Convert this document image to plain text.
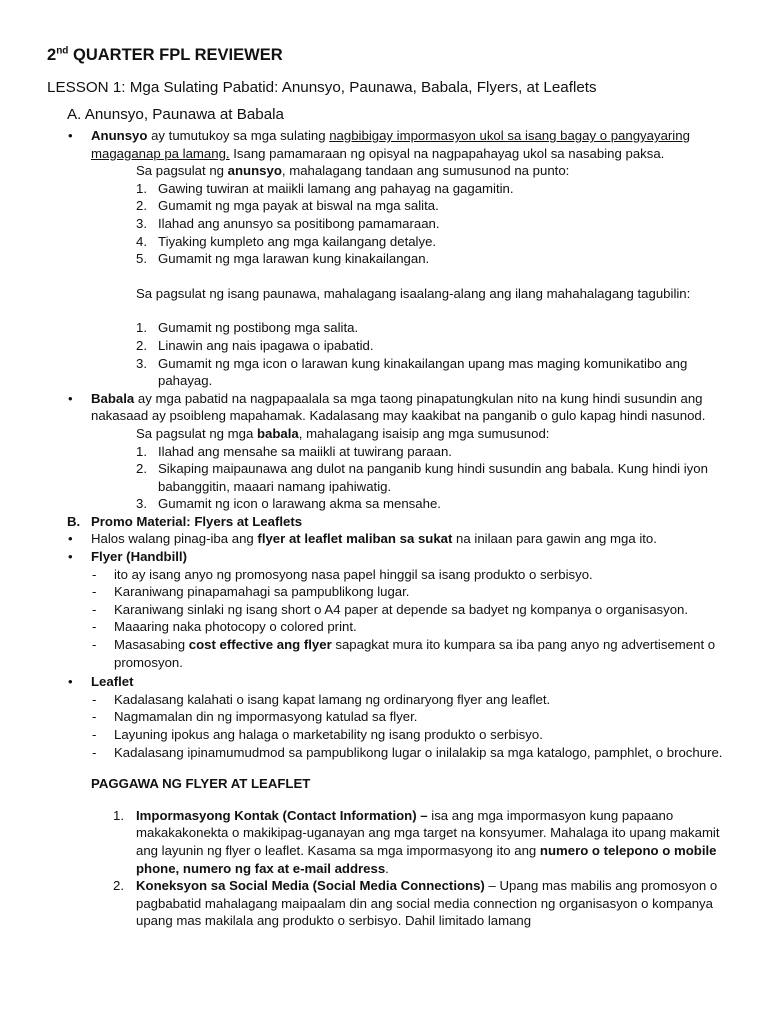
2nd QUARTER FPL REVIEWER
LESSON 1: Mga Sulating Pabatid: Anunsyo, Paunawa, Babala, Flyers, at Leaflets
A. Anunsyo, Paunawa at Babala
• Anunsyo ay tumutukoy sa mga sulating nagbibigay impormasyon ukol sa isang bagay o pangyayaring magaganap pa lamang. Isang pamamaraan ng opisyal na nagpapahayag ukol sa nasabing paksa.
Sa pagsulat ng anunsyo, mahalagang tandaan ang sumusunod na punto:
1. Gawing tuwiran at maiikli lamang ang pahayag na gagamitin.
2. Gumamit ng mga payak at biswal na mga salita.
3. Ilahad ang anunsyo sa positibong pamamaraan.
4. Tiyaking kumpleto ang mga kailangang detalye.
5. Gumamit ng mga larawan kung kinakailangan.
Sa pagsulat ng isang paunawa, mahalagang isaalang-alang ang ilang mahahalagang tagubilin:
1. Gumamit ng postibong mga salita.
2. Linawin ang nais ipagawa o ipabatid.
3. Gumamit ng mga icon o larawan kung kinakailangan upang mas maging komunikatibo ang pahayag.
• Babala ay mga pabatid na nagpapaalala sa mga taong pinapatungkulan nito na kung hindi susundin ang nakasaad ay psoibleng mapahamak. Kadalasang may kaakibat na panganib o gulo kapag hindi nasunod.
Sa pagsulat ng mga babala, mahalagang isaisip ang mga sumusunod:
1. Ilahad ang mensahe sa maiikli at tuwirang paraan.
2. Sikaping maipaunawa ang dulot na panganib kung hindi susundin ang babala. Kung hindi iyon babanggitin, maaari namang ipahiwatig.
3. Gumamit ng icon o larawang akma sa mensahe.
B. Promo Material: Flyers at Leaflets
• Halos walang pinag-iba ang flyer at leaflet maliban sa sukat na inilaan para gawin ang mga ito.
• Flyer (Handbill)
- ito ay isang anyo ng promosyong nasa papel hinggil sa isang produkto o serbisyo.
- Karaniwang pinapamahagi sa pampublikong lugar.
- Karaniwang sinlaki ng isang short o A4 paper at depende sa badyet ng kompanya o organisasyon.
- Maaaring naka photocopy o colored print.
- Masasabing cost effective ang flyer sapagkat mura ito kumpara sa iba pang anyo ng advertisement o promosyon.
• Leaflet
- Kadalasang kalahati o isang kapat lamang ng ordinaryong flyer ang leaflet.
- Nagmamalan din ng impormasyong katulad sa flyer.
- Layuning ipokus ang halaga o marketability ng isang produkto o serbisyo.
- Kadalasang ipinamumudmod sa pampublikong lugar o inilalakip sa mga katalogo, pamphlet, o brochure.
PAGGAWA NG FLYER AT LEAFLET
1. Impormasyong Kontak (Contact Information) – isa ang mga impormasyon kung papaano makakakonekta o makikipag-uganayan ang mga target na konsyumer. Mahalaga ito upang makamit ang layunin ng flyer o leaflet. Kasama sa mga impormasyong ito ang numero o telepono o mobile phone, numero ng fax at e-mail address.
2. Koneksyon sa Social Media (Social Media Connections) – Upang mas mabilis ang promosyon o pagbabatid mahalagang maipaalam din ang social media connection ng organisasyon o kompanya upang mas makilala ang produkto o serbisyo. Dahil limitado lamang
